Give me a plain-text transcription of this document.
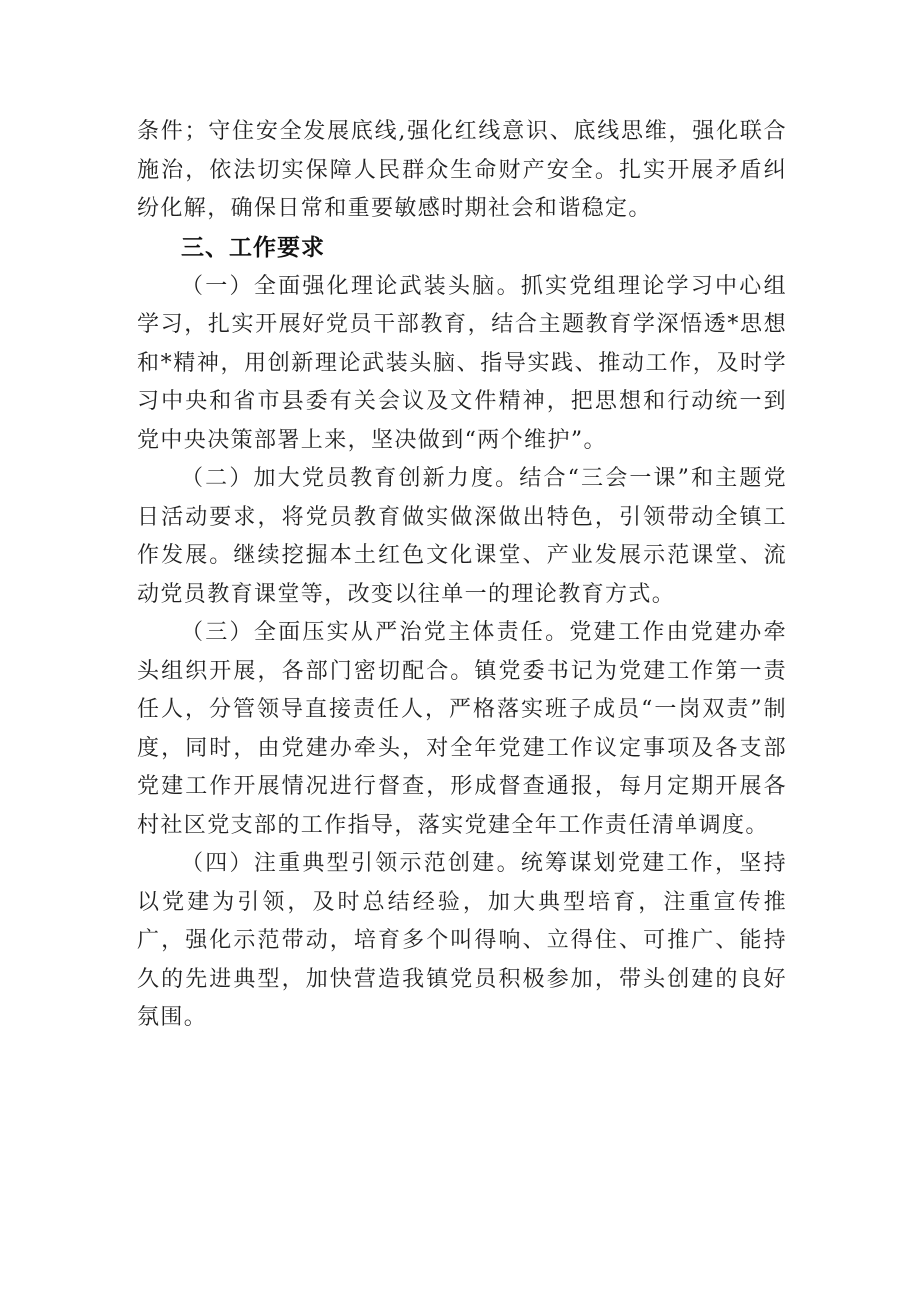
条件；守住安全发展底线,强化红线意识、底线思维，强化联合施治，依法切实保障人民群众生命财产安全。扎实开展矛盾纠纷化解，确保日常和重要敏感时期社会和谐稳定。

三、工作要求

（一）全面强化理论武装头脑。抓实党组理论学习中心组学习，扎实开展好党员干部教育，结合主题教育学深悟透*思想和*精神，用创新理论武装头脑、指导实践、推动工作，及时学习中央和省市县委有关会议及文件精神，把思想和行动统一到党中央决策部署上来，坚决做到“两个维护”。

（二）加大党员教育创新力度。结合“三会一课”和主题党日活动要求，将党员教育做实做深做出特色，引领带动全镇工作发展。继续挖掘本土红色文化课堂、产业发展示范课堂、流动党员教育课堂等，改变以往单一的理论教育方式。

（三）全面压实从严治党主体责任。党建工作由党建办牵头组织开展，各部门密切配合。镇党委书记为党建工作第一责任人，分管领导直接责任人，严格落实班子成员“一岗双责”制度，同时，由党建办牵头，对全年党建工作议定事项及各支部党建工作开展情况进行督查，形成督查通报，每月定期开展各村社区党支部的工作指导，落实党建全年工作责任清单调度。

（四）注重典型引领示范创建。统筹谋划党建工作，坚持以党建为引领，及时总结经验，加大典型培育，注重宣传推广，强化示范带动，培育多个叫得响、立得住、可推广、能持久的先进典型，加快营造我镇党员积极参加，带头创建的良好氛围。
